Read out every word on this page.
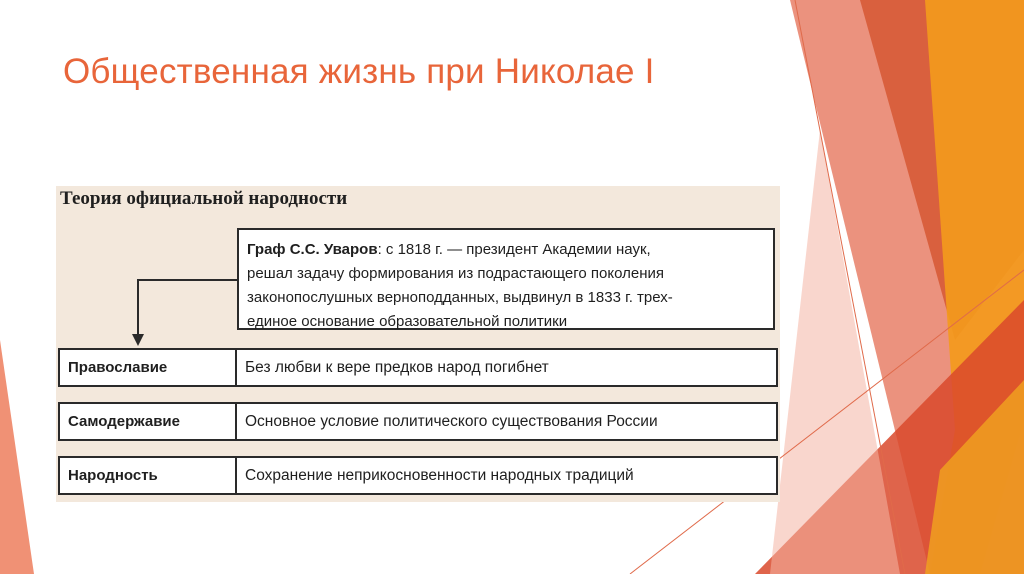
Общественная жизнь при Николае I
Теория официальной народности
Граф С.С. Уваров: с 1818 г. — президент Академии наук,
решал задачу формирования из подрастающего поколения
законопослушных верноподданных, выдвинул в 1833 г. трех-
единое основание образовательной политики
Православие	Без любви к вере предков народ погибнет
Самодержавие	Основное условие политического существования России
Народность	Сохранение неприкосновенности народных традиций
